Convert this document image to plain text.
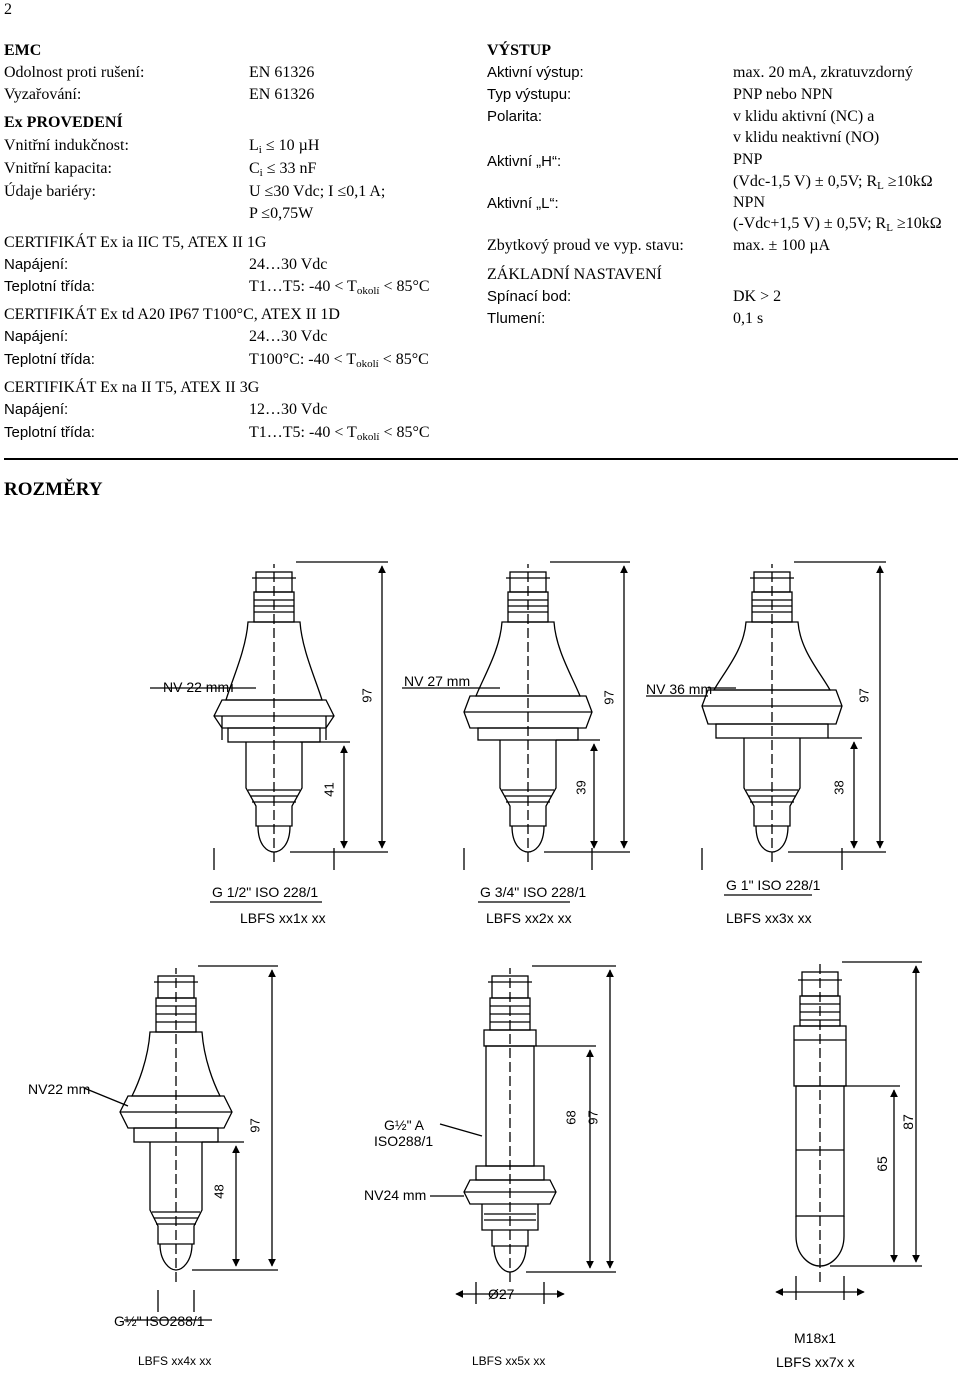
2
EMC
Odolnost proti rušení:	EN 61326
Vyzařování:	EN 61326
Ex PROVEDENÍ
Vnitřní indukčnost:	$L_i \le 10$ µH
Vnitřní kapacita:	$C_i \le 33$ nF
Údaje bariéry:	U ≤30 Vdc; I ≤0,1 A;
P ≤0,75W
CERTIFIKÁT Ex ia IIC T5, ATEX II 1G
Napájení:	24…30 Vdc
Teplotní třída:	T1…T5: $-40 < T_{okolí} < 85^\circ C$
CERTIFIKÁT Ex td A20 IP67 T100°C, ATEX II 1D
Napájení:	24…30 Vdc
Teplotní třída:	T100°C: $-40 < T_{okolí} < 85^\circ C$
CERTIFIKÁT Ex na II T5, ATEX II 3G
Napájení:	12…30 Vdc
Teplotní třída:	T1…T5: $-40 < T_{okolí} < 85^\circ C$
VÝSTUP
Aktivní výstup:	max. 20 mA, zkratuvzdorný
Typ výstupu:	PNP nebo NPN
Polarita:	v klidu aktivní (NC) a
v klidu neaktivní (NO)
Aktivní „H“:	PNP
(Vdc-1,5 V) ± 0,5V; $R_L \ge 10k\Omega$
Aktivní „L“:	NPN
(-Vdc+1,5 V) ± 0,5V; $R_L \ge 10k\Omega$
Zbytkový proud ve vyp. stavu:	max. ± 100 µA
ZÁKLADNÍ NASTAVENÍ
Spínací bod:	DK > 2
Tlumení:	0,1 s
ROZMĚRY
NV 22 mm	NV 27 mm	NV 36 mm
G 1/2" ISO 228/1	G 3/4" ISO 228/1	G 1" ISO 228/1
LBFS xx1x xx	LBFS xx2x xx	LBFS xx3x xx
97
41
97
39
97
38
NV22 mm
G½" ISO288/1
LBFS xx4x xx
97
48
G½" A
ISO288/1
NV24 mm
Ø27
LBFS xx5x xx
97
68
M18x1
LBFS xx7x x
87
65
